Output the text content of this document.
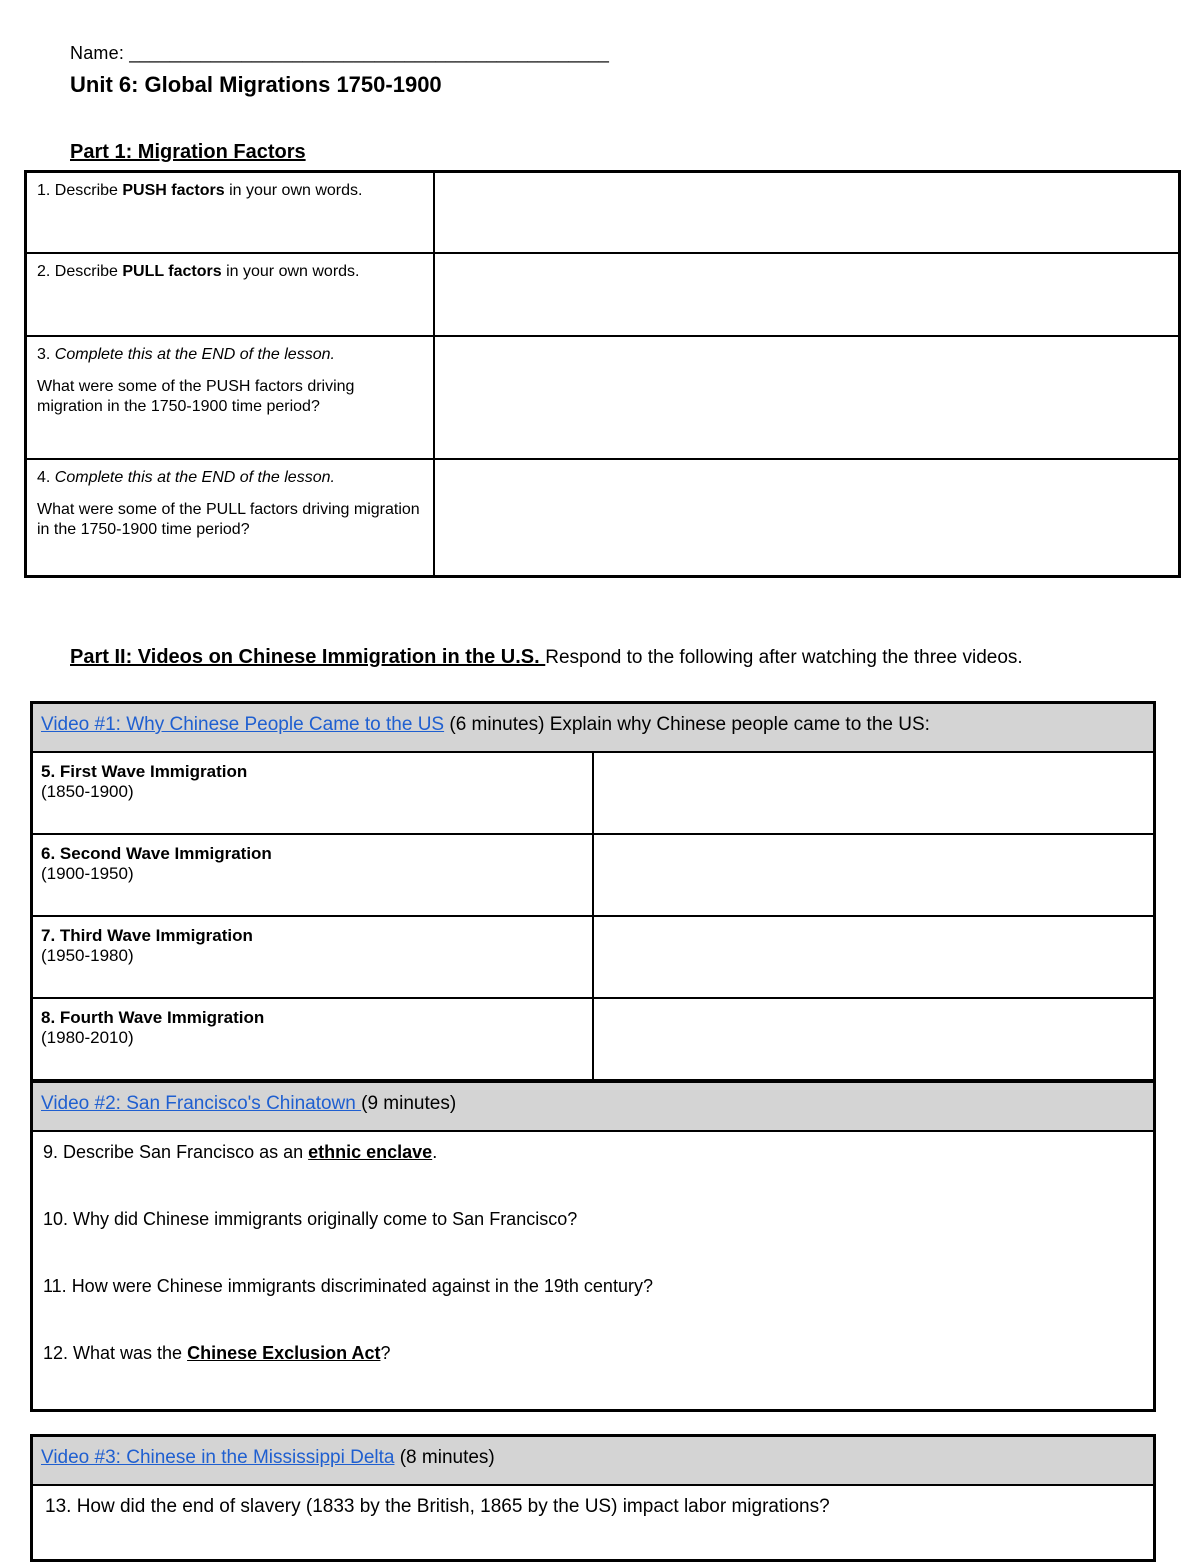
Name: _______________________________________________
Unit 6: Global Migrations 1750-1900
Part 1: Migration Factors
1. Describe PUSH factors in your own words.	
2. Describe PULL factors in your own words.	
3. Complete this at the END of the lesson.
What were some of the PUSH factors driving migration in the 1750-1900 time period?	

4. Complete this at the END of the lesson.
What were some of the PULL factors driving migration in the 1750-1900 time period?	

Part II: Videos on Chinese Immigration in the U.S. Respond to the following after watching the three videos.
Video #1: Why Chinese People Came to the US (6 minutes) Explain why Chinese people came to the US:	
5. First Wave Immigration
(1850-1900)	
6. Second Wave Immigration
(1900-1950)	
7. Third Wave Immigration
(1950-1980)	
8. Fourth Wave Immigration
(1980-2010)	
Video #2: San Francisco's Chinatown (9 minutes)

9. Describe San Francisco as an ethnic enclave.

10. Why did Chinese immigrants originally come to San Francisco?

11. How were Chinese immigrants discriminated against in the 19th century?

12. What was the Chinese Exclusion Act?

Video #3: Chinese in the Mississippi Delta (8 minutes)
13. How did the end of slavery (1833 by the British, 1865 by the US) impact labor migrations?
